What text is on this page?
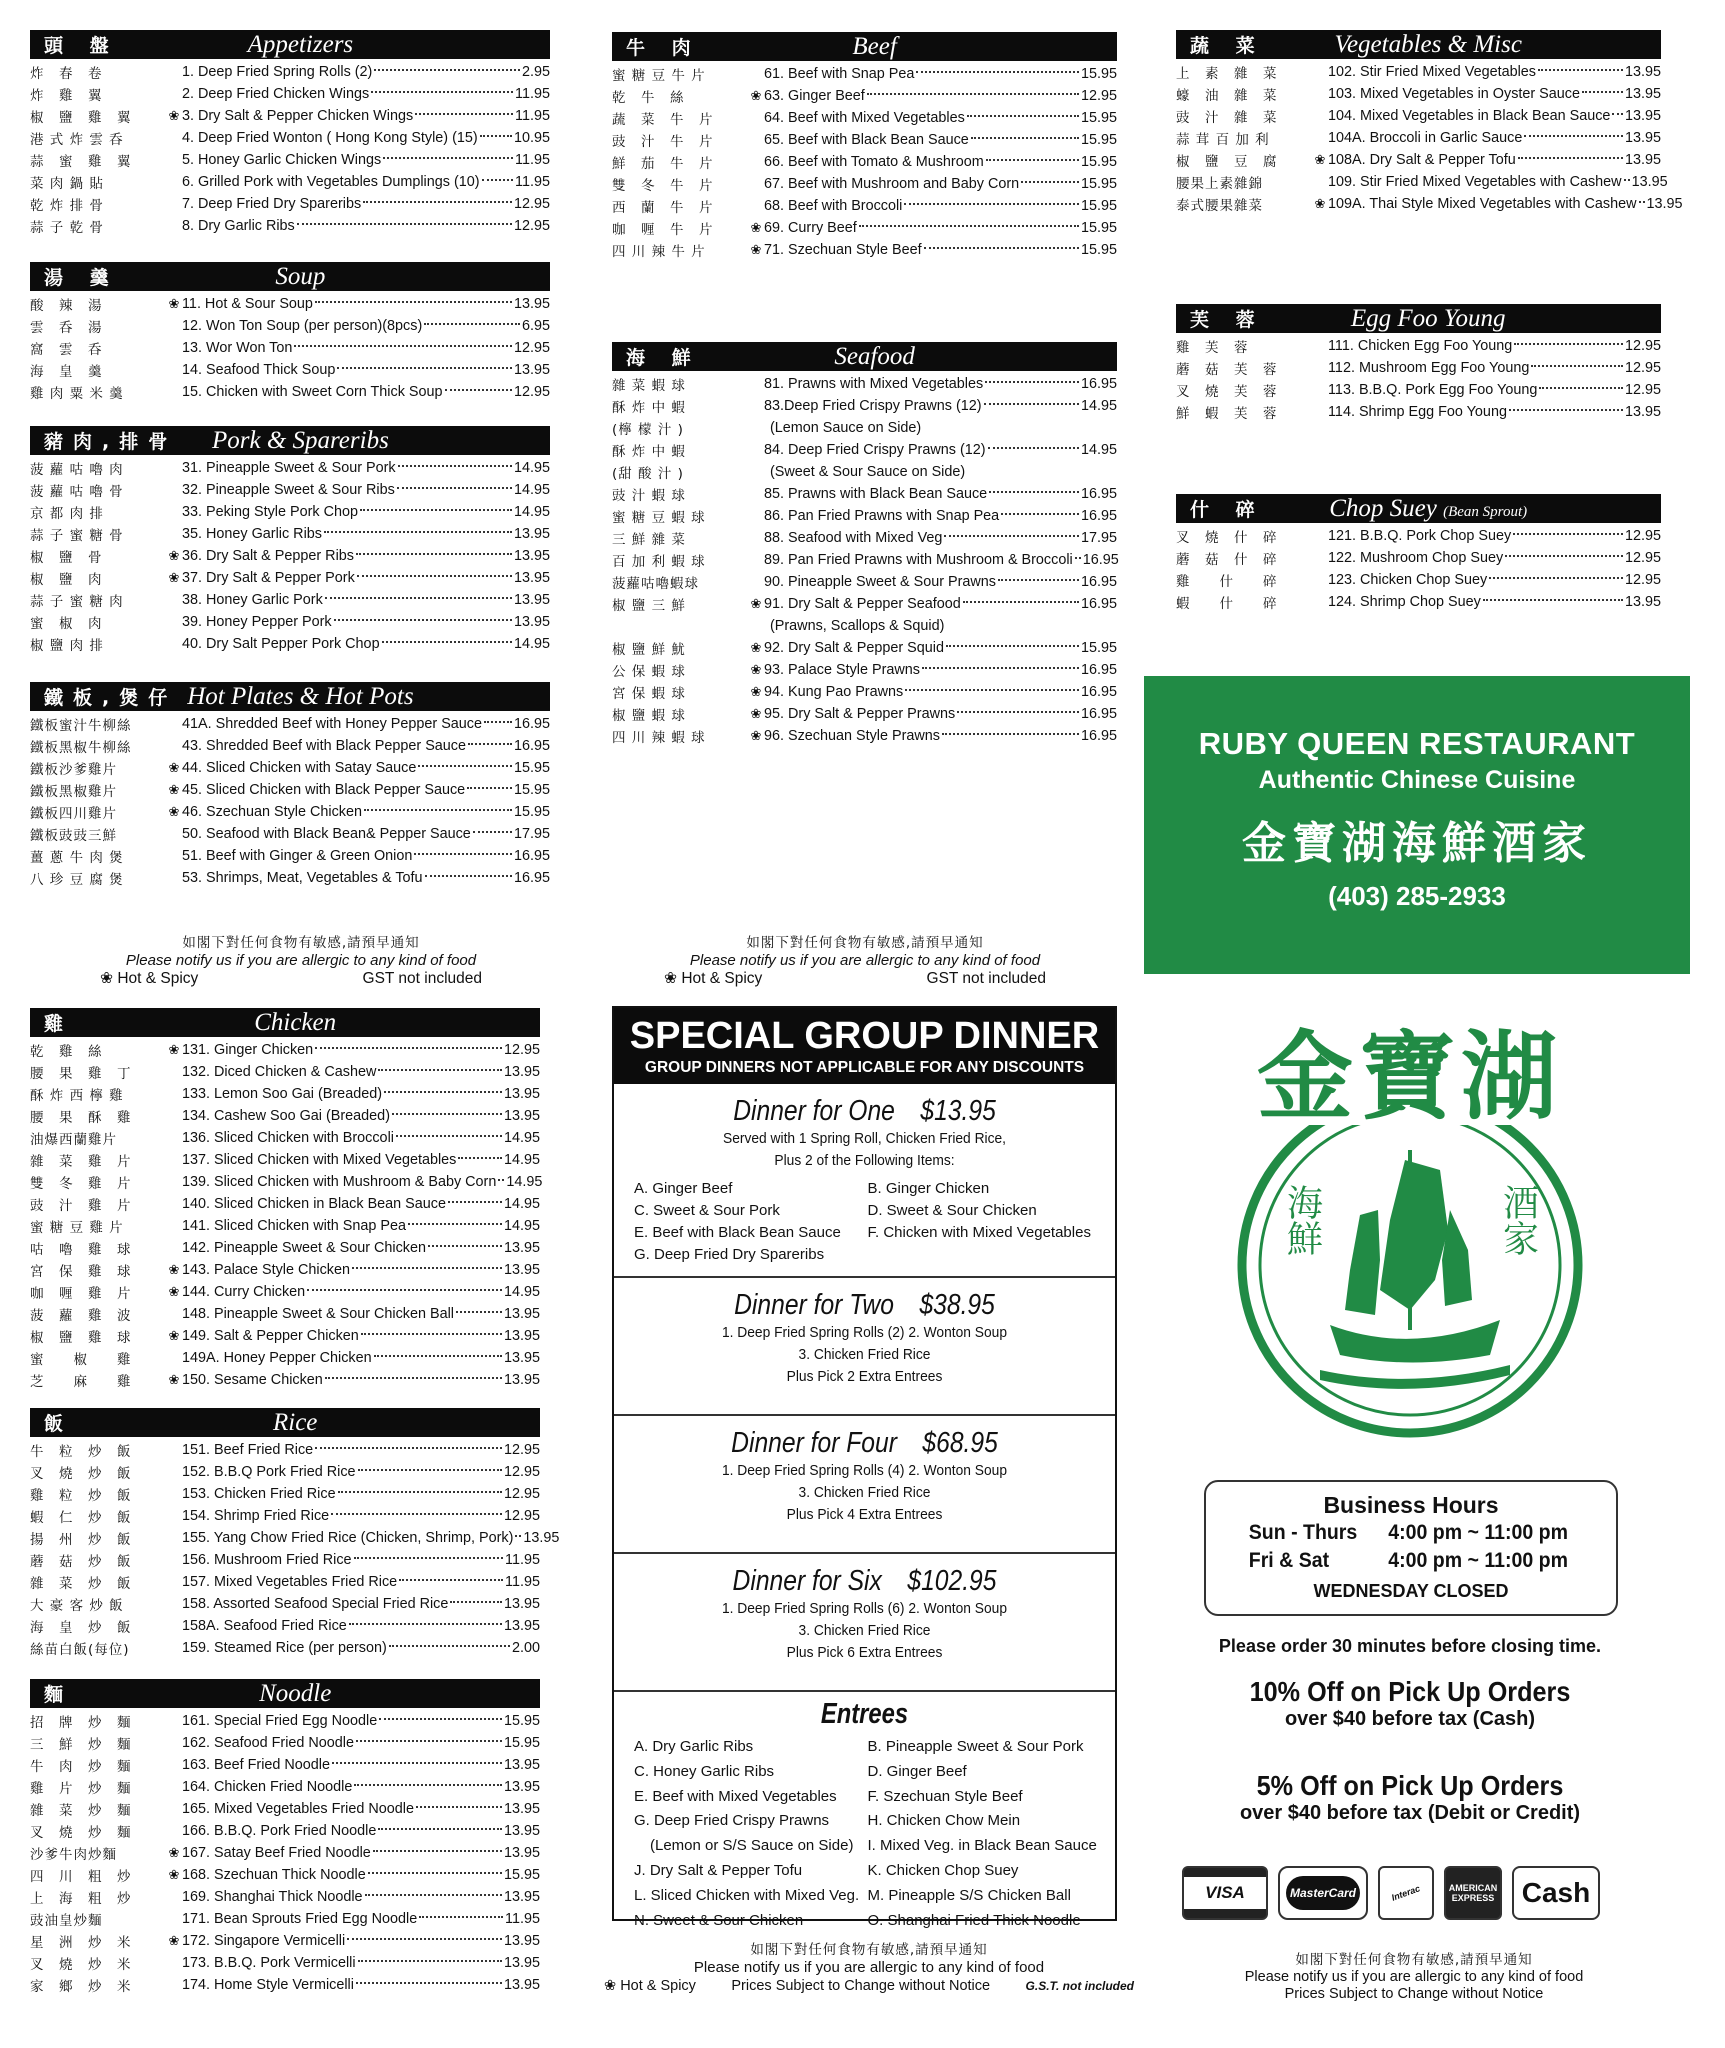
頭 盤	Appetizers
炸　春　卷	1. Deep Fried Spring Rolls (2)	2.95
炸　雞　翼	2. Deep Fried Chicken Wings	11.95
椒　鹽　雞　翼	❀ 3. Dry Salt & Pepper Chicken Wings	11.95
港 式 炸 雲 呑	4. Deep Fried Wonton ( Hong Kong Style) (15)	10.95
蒜　蜜　雞　翼	5. Honey Garlic Chicken Wings	11.95
菜 肉 鍋 貼	6. Grilled Pork with Vegetables Dumplings (10) 11.95
乾 炸 排 骨	7. Deep Fried Dry Spareribs	12.95
蒜 子 乾 骨	8. Dry Garlic Ribs	12.95
湯 羹	Soup
酸　辣　湯	❀ 11. Hot & Sour Soup	13.95
雲　呑　湯	12. Won Ton Soup (per person)(8pcs)	6.95
窩　雲　呑	13. Wor Won Ton	12.95
海　皇　羹	14. Seafood Thick Soup	13.95
雞 肉 粟 米 羹	15. Chicken with Sweet Corn Thick Soup	12.95
豬肉,排骨 Pork & Spareribs
菠 蘿 咕 嚕 肉	31. Pineapple Sweet & Sour Pork	14.95
菠 蘿 咕 嚕 骨	32. Pineapple Sweet & Sour Ribs	14.95
京 都 肉 排	33. Peking Style Pork Chop	14.95
蒜 子 蜜 糖 骨	35. Honey Garlic Ribs	13.95
椒　鹽　骨	❀ 36. Dry Salt & Pepper Ribs	13.95
椒　鹽　肉	❀ 37. Dry Salt & Pepper Pork	13.95
蒜 子 蜜 糖 肉	38. Honey Garlic Pork	13.95
蜜　椒　肉	39. Honey Pepper Pork	13.95
椒 鹽 肉 排	40. Dry Salt Pepper Pork Chop	14.95
鐵板,煲仔 Hot Plates & Hot Pots
鐵板蜜汁牛柳絲	41A. Shredded Beef with Honey Pepper Sauce 16.95
鐵板黑椒牛柳絲	43. Shredded Beef with Black Pepper Sauce	16.95
鐵板沙爹雞片	❀ 44. Sliced Chicken with Satay Sauce	15.95
鐵板黑椒雞片	❀ 45. Sliced Chicken with Black Pepper Sauce	15.95
鐵板四川雞片	❀ 46. Szechuan Style Chicken	15.95
鐵板豉豉三鮮	50. Seafood with Black Bean& Pepper Sauce	17.95
薑 蔥 牛 肉 煲	51. Beef with Ginger & Green Onion	16.95
八 珍 豆 腐 煲	53. Shrimps, Meat, Vegetables & Tofu	16.95
如閣下對任何食物有敏感,請預早通知
Please notify us if you are allergic to any kind of food
❀ Hot & Spicy	GST not included
雞	Chicken
乾　雞　絲	❀ 131. Ginger Chicken	12.95
腰　果　雞　丁	132. Diced Chicken & Cashew	13.95
酥 炸 西 檸 雞	133. Lemon Soo Gai (Breaded)	13.95
腰　果　酥　雞	134. Cashew Soo Gai (Breaded)	13.95
油爆西蘭雞片	136. Sliced Chicken with Broccoli	14.95
雜　菜　雞　片	137. Sliced Chicken with Mixed Vegetables	14.95
雙　冬　雞　片	139. Sliced Chicken with Mushroom & Baby Corn 14.95
豉　汁　雞　片	140. Sliced Chicken in Black Bean Sauce	14.95
蜜 糖 豆 雞 片	141. Sliced Chicken with Snap Pea	14.95
咕　嚕　雞　球	142. Pineapple Sweet & Sour Chicken	13.95
宮　保　雞　球	❀ 143. Palace Style Chicken	13.95
咖　喱　雞　片	❀ 144. Curry Chicken	14.95
菠　蘿　雞　波	148. Pineapple Sweet & Sour Chicken Ball	13.95
椒　鹽　雞　球	❀ 149. Salt & Pepper Chicken	13.95
蜜　　椒　　雞	149A. Honey Pepper Chicken	13.95
芝　　麻　　雞	❀ 150. Sesame Chicken	13.95
飯	Rice
牛　粒　炒　飯	151. Beef Fried Rice	12.95
叉　燒　炒　飯	152. B.B.Q Pork Fried Rice	12.95
雞　粒　炒　飯	153. Chicken Fried Rice	12.95
蝦　仁　炒　飯	154. Shrimp Fried Rice	12.95
揚　州　炒　飯	155. Yang Chow Fried Rice (Chicken, Shrimp, Pork) 13.95
蘑　菇　炒　飯	156. Mushroom Fried Rice	11.95
雜　菜　炒　飯	157. Mixed Vegetables Fried Rice	11.95
大 豪 客 炒 飯	158. Assorted Seafood Special Fried Rice	13.95
海　皇　炒　飯	158A. Seafood Fried Rice	13.95
絲苗白飯(每位)	159. Steamed Rice (per person)	2.00
麵	Noodle
招　牌　炒　麵	161. Special Fried Egg Noodle	15.95
三　鮮　炒　麵	162. Seafood Fried Noodle	15.95
牛　肉　炒　麵	163. Beef Fried Noodle	13.95
雞　片　炒　麵	164. Chicken Fried Noodle	13.95
雜　菜　炒　麵	165. Mixed Vegetables Fried Noodle	13.95
叉　燒　炒　麵	166. B.B.Q. Pork Fried Noodle	13.95
沙爹牛肉炒麵	❀ 167. Satay Beef Fried Noodle	13.95
四　川　粗　炒	❀ 168. Szechuan Thick Noodle	15.95
上　海　粗　炒	169. Shanghai Thick Noodle	13.95
豉油皇炒麵	171. Bean Sprouts Fried Egg Noodle	11.95
星　洲　炒　米	❀ 172. Singapore Vermicelli	13.95
叉　燒　炒　米	173. B.B.Q. Pork Vermicelli	13.95
家　鄉　炒　米	174. Home Style Vermicelli	13.95
牛 肉	Beef
蜜 糖 豆 牛 片	61. Beef with Snap Pea	15.95
乾　牛　絲	❀ 63. Ginger Beef	12.95
蔬　菜　牛　片	64. Beef with Mixed Vegetables	15.95
豉　汁　牛　片	65. Beef with Black Bean Sauce	15.95
鮮　茄　牛　片	66. Beef with Tomato & Mushroom	15.95
雙　冬　牛　片	67. Beef with Mushroom and Baby Corn	15.95
西　蘭　牛　片	68. Beef with Broccoli	15.95
咖　喱　牛　片	❀ 69. Curry Beef	15.95
四 川 辣 牛 片	❀ 71. Szechuan Style Beef	15.95
海 鮮	Seafood
雜 菜 蝦 球	81. Prawns with Mixed Vegetables	16.95
酥 炸 中 蝦	83.Deep Fried Crispy Prawns (12)	14.95
(檸 檬 汁 )	(Lemon Sauce on Side)
酥 炸 中 蝦	84. Deep Fried Crispy Prawns (12)	14.95
(甜 酸 汁 )	(Sweet & Sour Sauce on Side)
豉 汁 蝦 球	85. Prawns with Black Bean Sauce	16.95
蜜 糖 豆 蝦 球	86. Pan Fried Prawns with Snap Pea	16.95
三 鮮 雜 菜	88. Seafood with Mixed Veg	17.95
百 加 利 蝦 球	89. Pan Fried Prawns with Mushroom & Broccoli 16.95
菠蘿咕嚕蝦球	90. Pineapple Sweet & Sour Prawns	16.95
椒 鹽 三 鮮	❀ 91. Dry Salt & Pepper Seafood	16.95
(Prawns, Scallops & Squid)
椒 鹽 鮮 魷	❀ 92. Dry Salt & Pepper Squid	15.95
公 保 蝦 球	❀ 93. Palace Style Prawns	16.95
宮 保 蝦 球	❀ 94. Kung Pao Prawns	16.95
椒 鹽 蝦 球	❀ 95. Dry Salt & Pepper Prawns	16.95
四 川 辣 蝦 球	❀ 96. Szechuan Style Prawns	16.95
如閣下對任何食物有敏感,請預早通知
Please notify us if you are allergic to any kind of food
❀ Hot & Spicy	GST not included
SPECIAL GROUP DINNER
GROUP DINNERS NOT APPLICABLE FOR ANY DISCOUNTS
Dinner for One $13.95
Served with 1 Spring Roll, Chicken Fried Rice,
Plus 2 of the Following Items:
A. Ginger Beef	B. Ginger Chicken
C. Sweet & Sour Pork	D. Sweet & Sour Chicken
E. Beef with Black Bean Sauce	F. Chicken with Mixed Vegetables
G. Deep Fried Dry Spareribs
Dinner for Two $38.95
1. Deep Fried Spring Rolls (2) 2. Wonton Soup
3. Chicken Fried Rice
Plus Pick 2 Extra Entrees
Dinner for Four $68.95
1. Deep Fried Spring Rolls (4) 2. Wonton Soup
3. Chicken Fried Rice
Plus Pick 4 Extra Entrees
Dinner for Six $102.95
1. Deep Fried Spring Rolls (6) 2. Wonton Soup
3. Chicken Fried Rice
Plus Pick 6 Extra Entrees
Entrees
A. Dry Garlic Ribs	B. Pineapple Sweet & Sour Pork
C. Honey Garlic Ribs	D. Ginger Beef
E. Beef with Mixed Vegetables	F. Szechuan Style Beef
G. Deep Fried Crispy Prawns	H. Chicken Chow Mein
(Lemon or S/S Sauce on Side) I. Mixed Veg. in Black Bean Sauce
J. Dry Salt & Pepper Tofu	K. Chicken Chop Suey
L. Sliced Chicken with Mixed Veg. M. Pineapple S/S Chicken Ball
N. Sweet & Sour Chicken	O. Shanghai Fried Thick Noodle
如閣下對任何食物有敏感,請預早通知
Please notify us if you are allergic to any kind of food
❀ Hot & Spicy Prices Subject to Change without Notice	G.S.T. not included
蔬 菜	Vegetables & Misc
上　素　雜　菜	102. Stir Fried Mixed Vegetables	13.95
蠔　油　雜　菜	103. Mixed Vegetables in Oyster Sauce	13.95
豉　汁　雜　菜	104. Mixed Vegetables in Black Bean Sauce 13.95
蒜 茸 百 加 利	104A. Broccoli in Garlic Sauce	13.95
椒　鹽　豆　腐	❀ 108A. Dry Salt & Pepper Tofu	13.95
腰果上素雜錦	109. Stir Fried Mixed Vegetables with Cashew 13.95
泰式腰果雜菜	❀ 109A. Thai Style Mixed Vegetables with Cashew 13.95
芙 蓉	Egg Foo Young
雞　芙　蓉	111. Chicken Egg Foo Young	12.95
蘑　菇　芙　蓉	112. Mushroom Egg Foo Young	12.95
叉　燒　芙　蓉	113. B.B.Q. Pork Egg Foo Young	12.95
鮮　蝦　芙　蓉	114. Shrimp Egg Foo Young	13.95
什 碎	Chop Suey (Bean Sprout)
叉　燒　什　碎	121. B.B.Q. Pork Chop Suey	12.95
蘑　菇　什　碎	122. Mushroom Chop Suey	12.95
雞　　什　　碎	123. Chicken Chop Suey	12.95
蝦　　什　　碎	124. Shrimp Chop Suey	13.95
RUBY QUEEN RESTAURANT
Authentic Chinese Cuisine
金寶湖海鮮酒家
(403) 285-2933
金寶湖
海鮮	酒家
Business Hours
Sun - Thurs	4:00 pm ~ 11:00 pm
Fri & Sat	4:00 pm ~ 11:00 pm
WEDNESDAY CLOSED
Please order 30 minutes before closing time.
10% Off on Pick Up Orders
over $40 before tax (Cash)
5% Off on Pick Up Orders
over $40 before tax (Debit or Credit)
VISA	MasterCard	Interac	AMERICAN EXPRESS Cash
如閣下對任何食物有敏感,請預早通知
Please notify us if you are allergic to any kind of food
Prices Subject to Change without Notice
